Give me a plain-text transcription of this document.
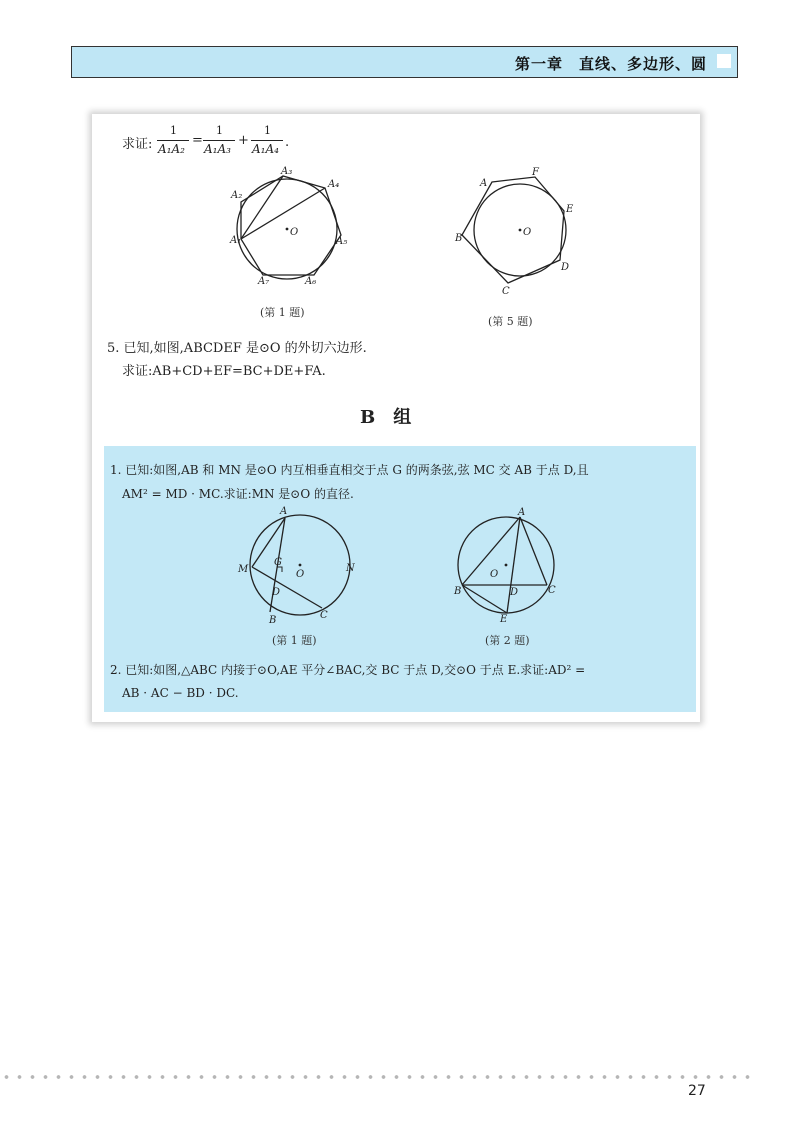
第一章　 直线、多边形、圆
求证:
1
A₁A₂
=
1
A₁A₃
+
1
A₁A₄ .
A₁
A₂
A₃
A₄
A₅
A₆
A₇
O
(第 1 题)
A
B
C
D
E
F
O
(第 5 题)
5. 已知,如图,ABCDEF 是⊙O 的外切六边形.
求证:AB+CD+EF=BC+DE+FA.
B　组
1. 已知:如图,AB 和 MN 是⊙O 内互相垂直相交于点 G 的两条弦,弦 MC 交 AB 于点 D,且
AM² = MD · MC.求证:MN 是⊙O 的直径.
A
M
G
O
N
D
C
B
(第 1 题)
A
O
B	D	C
E
(第 2 题)
2. 已知:如图,△ABC 内接于⊙O,AE 平分∠BAC,交 BC 于点 D,交⊙O 于点 E.求证:AD² =
AB · AC − BD · DC.
27
